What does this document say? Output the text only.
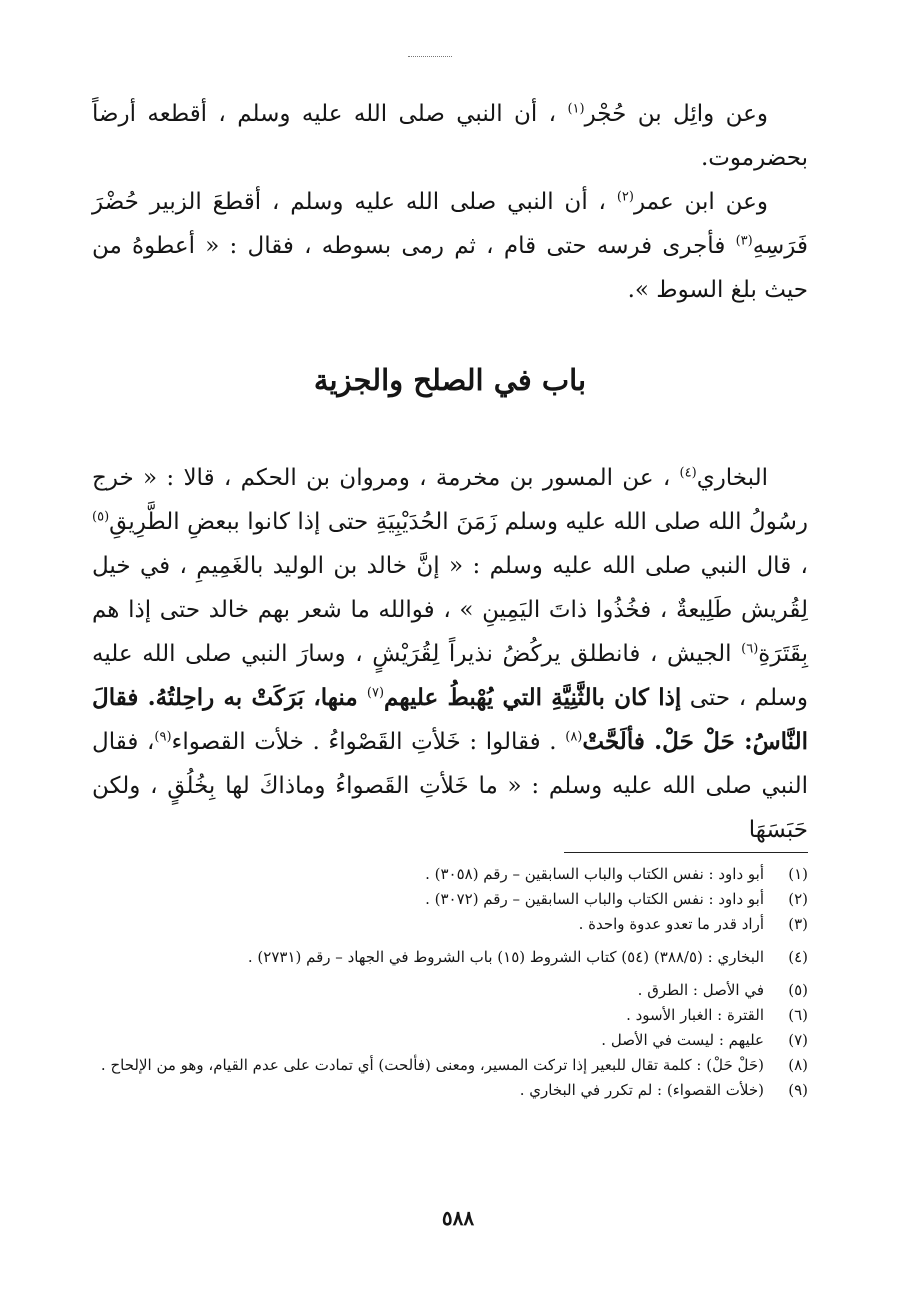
وعن وائِل بن حُجْر$^{(١)}$ ، أن النبي صلى الله عليه وسلم ، أقطعه أرضاً بحضرموت.

وعن ابن عمر$^{(٢)}$ ، أن النبي صلى الله عليه وسلم ، أقطعَ الزبير حُضْرَ فَرَسِهِ$^{(٣)}$ فأجرى فرسه حتى قام ، ثم رمى بسوطه ، فقال : « أعطوهُ من حيث بلغ السوط ».

باب في الصلح والجزية

البخاري$^{(٤)}$ ، عن المسور بن مخرمة ، ومروان بن الحكم ، قالا : « خرج رسُولُ الله صلى الله عليه وسلم زَمَنَ الحُدَيْبِيَةِ حتى إذا كانوا ببعضِ الطَّرِيقِ$^{(٥)}$ ، قال النبي صلى الله عليه وسلم : « إنَّ خالد بن الوليد بالغَمِيمِ ، في خيل لِقُريش طَلِيعةٌ ، فخُذُوا ذاتَ اليَمِينِ » ، فوالله ما شعر بهم خالد حتى إذا هم بِقَتَرَةِ$^{(٦)}$ الجيش ، فانطلق يركُضُ نذيراً لِقُرَيْشٍ ، وسارَ النبي صلى الله عليه وسلم ، حتى إذا كان بالثَّنِيَّةِ التي يُهْبطُ عليهم$^{(٧)}$ منها، بَرَكَتْ به راحِلتُهُ. فقالَ النَّاسُ: حَلْ حَلْ. فألَحَّتْ$^{(٨)}$ . فقالوا : خَلأتِ القَصْواءُ . خلأت القصواء$^{(٩)}$، فقال النبي صلى الله عليه وسلم : « ما خَلأتِ القَصواءُ وماذاكَ لها بِخُلُقٍ ، ولكن حَبَسَهَا

(١)
أبو داود : نفس الكتاب والباب السابقين – رقم (٣٠٥٨) .
(٢)
أبو داود : نفس الكتاب والباب السابقين – رقم (٣٠٧٢) .
(٣)
أراد قدر ما تعدو عدوة واحدة .
(٤)
البخاري : (٣٨٨/٥) (٥٤) كتاب الشروط (١٥) باب الشروط في الجهاد – رقم (٢٧٣١) .
(٥)
في الأصل : الطرق .
(٦)
القترة : الغبار الأسود .
(٧)
عليهم : ليست في الأصل .
(٨)
(حَلْ حَلْ) : كلمة تقال للبعير إذا تركت المسير، ومعنى (فألحت) أي تمادت على عدم القيام، وهو من الإلحاح .
(٩)
(خلأت القصواء) : لم تكرر في البخاري .
٥٨٨
